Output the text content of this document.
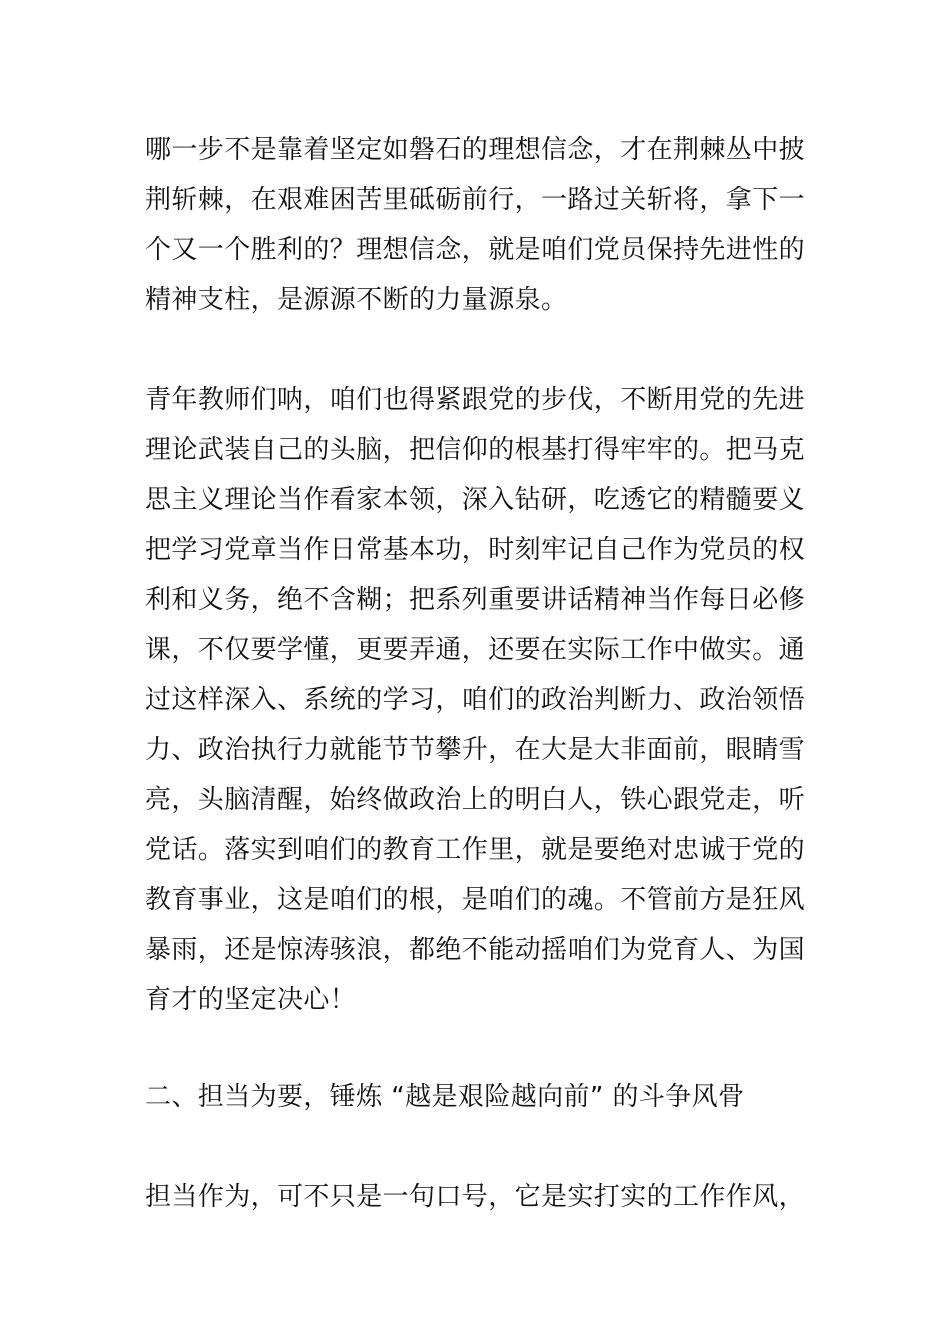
哪一步不是靠着坚定如磐石的理想信念，才在荆棘丛中披
荆斩棘，在艰难困苦里砥砺前行，一路过关斩将，拿下一
个又一个胜利的？理想信念，就是咱们党员保持先进性的
精神支柱，是源源不断的力量源泉。
青年教师们呐，咱们也得紧跟党的步伐，不断用党的先进
理论武装自己的头脑，把信仰的根基打得牢牢的。把马克
思主义理论当作看家本领，深入钻研，吃透它的精髓要义
把学习党章当作日常基本功，时刻牢记自己作为党员的权
利和义务，绝不含糊；把系列重要讲话精神当作每日必修
课，不仅要学懂，更要弄通，还要在实际工作中做实。通
过这样深入、系统的学习，咱们的政治判断力、政治领悟
力、政治执行力就能节节攀升，在大是大非面前，眼睛雪
亮，头脑清醒，始终做政治上的明白人，铁心跟党走，听
党话。落实到咱们的教育工作里，就是要绝对忠诚于党的
教育事业，这是咱们的根，是咱们的魂。不管前方是狂风
暴雨，还是惊涛骇浪，都绝不能动摇咱们为党育人、为国
育才的坚定决心！
二、担当为要，锤炼 “越是艰险越向前” 的斗争风骨
担当作为，可不只是一句口号，它是实打实的工作作风，
